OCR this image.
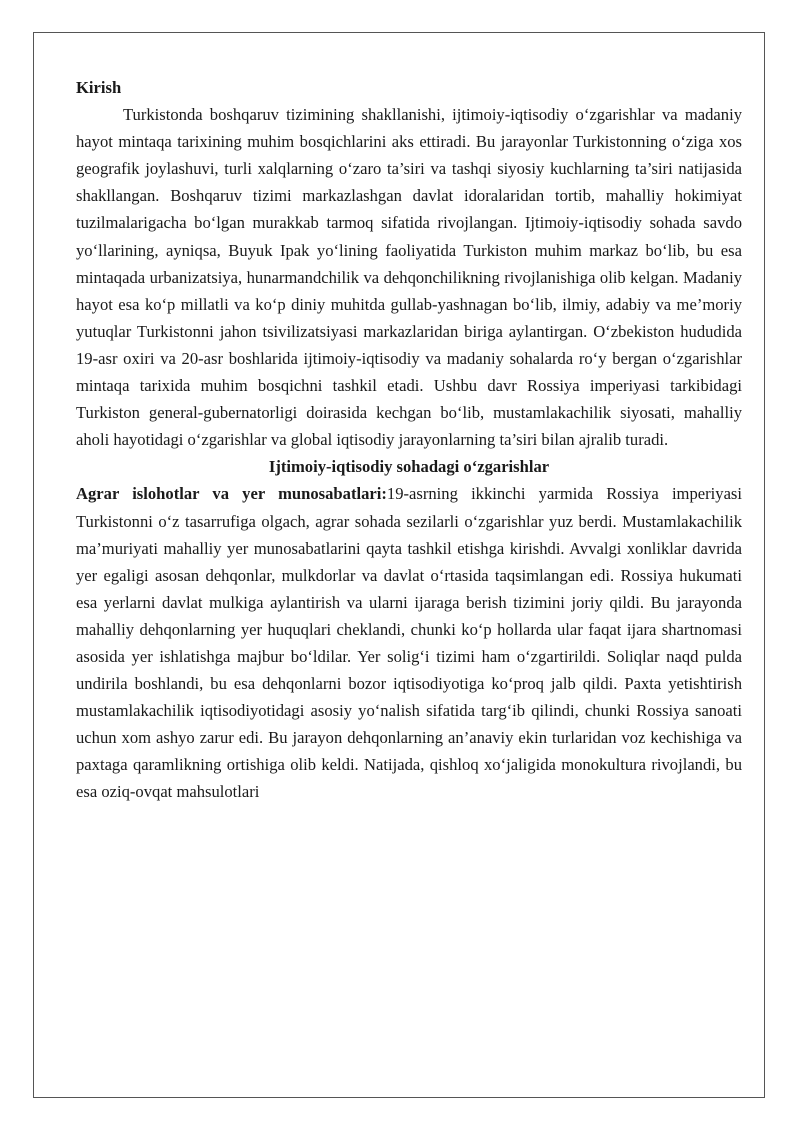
Kirish

Turkistonda boshqaruv tizimining shakllanishi, ijtimoiy-iqtisodiy o‘zgarishlar va madaniy hayot mintaqa tarixining muhim bosqichlarini aks ettiradi. Bu jarayonlar Turkistonning o‘ziga xos geografik joylashuvi, turli xalqlarning o‘zaro ta’siri va tashqi siyosiy kuchlarning ta’siri natijasida shakllangan. Boshqaruv tizimi markazlashgan davlat idoralaridan tortib, mahalliy hokimiyat tuzilmalarigacha bo‘lgan murakkab tarmoq sifatida rivojlangan. Ijtimoiy-iqtisodiy sohada savdo yo‘llarining, ayniqsa, Buyuk Ipak yo‘lining faoliyatida Turkiston muhim markaz bo‘lib, bu esa mintaqada urbanizatsiya, hunarmandchilik va dehqonchilikning rivojlanishiga olib kelgan. Madaniy hayot esa ko‘p millatli va ko‘p diniy muhitda gullab-yashnagan bo‘lib, ilmiy, adabiy va me’moriy yutuqlar Turkistonni jahon tsivilizatsiyasi markazlaridan biriga aylantirgan. O‘zbekiston hududida 19-asr oxiri va 20-asr boshlarida ijtimoiy-iqtisodiy va madaniy sohalarda ro‘y bergan o‘zgarishlar mintaqa tarixida muhim bosqichni tashkil etadi. Ushbu davr Rossiya imperiyasi tarkibidagi Turkiston general-gubernatorligi doirasida kechgan bo‘lib, mustamlakachilik siyosati, mahalliy aholi hayotidagi o‘zgarishlar va global iqtisodiy jarayonlarning ta’siri bilan ajralib turadi.

Ijtimoiy-iqtisodiy sohadagi o‘zgarishlar

Agrar islohotlar va yer munosabatlari:19-asrning ikkinchi yarmida Rossiya imperiyasi Turkistonni o‘z tasarrufiga olgach, agrar sohada sezilarli o‘zgarishlar yuz berdi. Mustamlakachilik ma’muriyati mahalliy yer munosabatlarini qayta tashkil etishga kirishdi. Avvalgi xonliklar davrida yer egaligi asosan dehqonlar, mulkdorlar va davlat o‘rtasida taqsimlangan edi. Rossiya hukumati esa yerlarni davlat mulkiga aylantirish va ularni ijaraga berish tizimini joriy qildi. Bu jarayonda mahalliy dehqonlarning yer huquqlari cheklandi, chunki ko‘p hollarda ular faqat ijara shartnomasi asosida yer ishlatishga majbur bo‘ldilar. Yer solig‘i tizimi ham o‘zgartirildi. Soliqlar naqd pulda undirila boshlandi, bu esa dehqonlarni bozor iqtisodiyotiga ko‘proq jalb qildi. Paxta yetishtirish mustamlakachilik iqtisodiyotidagi asosiy yo‘nalish sifatida targ‘ib qilindi, chunki Rossiya sanoati uchun xom ashyo zarur edi. Bu jarayon dehqonlarning an’anaviy ekin turlaridan voz kechishiga va paxtaga qaramlikning ortishiga olib keldi. Natijada, qishloq xo‘jaligida monokultura rivojlandi, bu esa oziq-ovqat mahsulotlari
